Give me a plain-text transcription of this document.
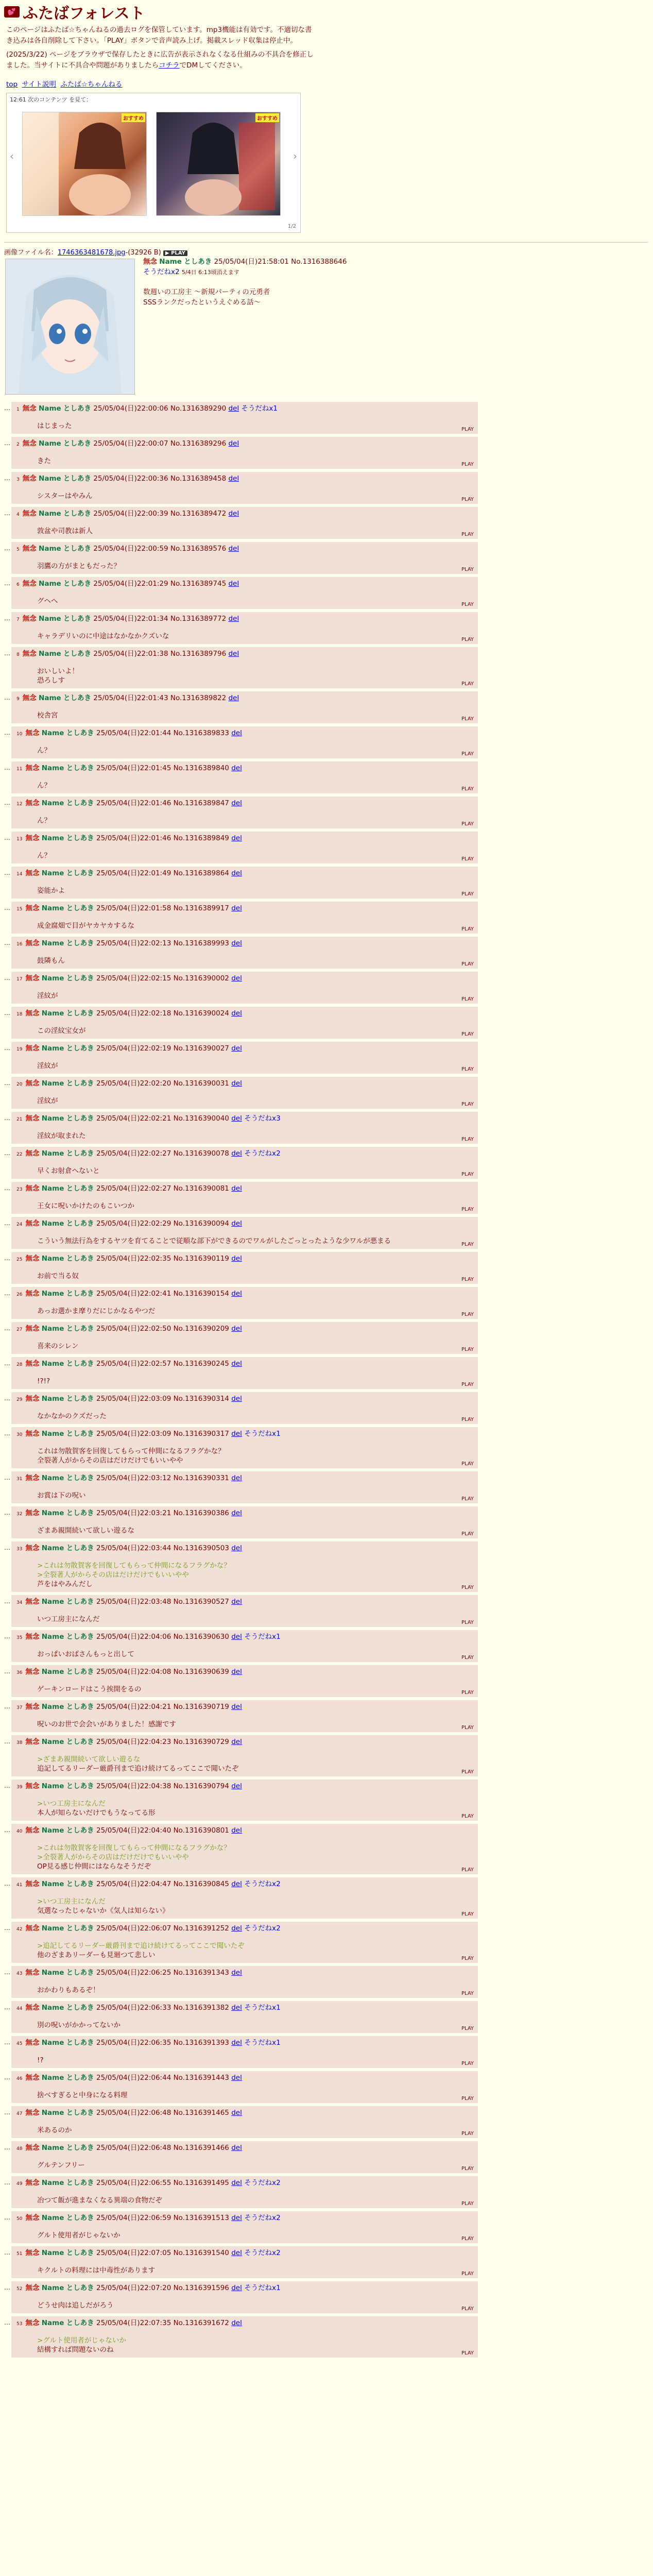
💕 ふたばフォレスト

このページはふたば☆ちゃんねるの過去ログを保管しています。mp3機能は有効です。不適切な書き込みは各自削除して下さい。「PLAY」ボタンで音声読み上げ。掲載スレッド収集は停止中。

(2025/3/22) ページをブラウザで保存したときに広告が表示されなくなる仕組みの不具合を修正しました。当サイトに不具合や問題がありましたらコチラでDMしてください。

top サイト説明 ふたば☆ちゃんねる
12:61 次のコンテンツ を見て：
‹
おすすめ	おすすめ
›
1/2
画像ファイル名：1746363481678.jpg-(32926 B) ▶ PLAY
無念 Name としあき 25/05/04(日)21:58:01 No.1316388646
そうだねx2 5/4日 6:13頃消えます
数週いの工房主 ～新規パーティの元勇者
SSSランクだったというえぐめる話～
… 1 無念 Name としあき 25/05/04(日)22:00:06 No.1316389290 del そうだねx1
はじまった	PLAY
… 2 無念 Name としあき 25/05/04(日)22:00:07 No.1316389296 del
きた	PLAY
… 3 無念 Name としあき 25/05/04(日)22:00:36 No.1316389458 del
シスターはやみん	PLAY
… 4 無念 Name としあき 25/05/04(日)22:00:39 No.1316389472 del
敦盆や司教は新人	PLAY
… 5 無念 Name としあき 25/05/04(日)22:00:59 No.1316389576 del
羽鷹の方がまともだった？	PLAY
… 6 無念 Name としあき 25/05/04(日)22:01:29 No.1316389745 del
グヘへ	PLAY
… 7 無念 Name としあき 25/05/04(日)22:01:34 No.1316389772 del
キャラデリいのに中途はなかなかクズいな	PLAY
… 8 無念 Name としあき 25/05/04(日)22:01:38 No.1316389796 del
おいしいよ！
恐ろしす	PLAY
… 9 無念 Name としあき 25/05/04(日)22:01:43 No.1316389822 del
校舎宮	PLAY
… 10 無念 Name としあき 25/05/04(日)22:01:44 No.1316389833 del
ん？	PLAY
… 11 無念 Name としあき 25/05/04(日)22:01:45 No.1316389840 del
ん？	PLAY
… 12 無念 Name としあき 25/05/04(日)22:01:46 No.1316389847 del
ん？	PLAY
… 13 無念 Name としあき 25/05/04(日)22:01:46 No.1316389849 del
ん？	PLAY
… 14 無念 Name としあき 25/05/04(日)22:01:49 No.1316389864 del
姿能かよ	PLAY
… 15 無念 Name としあき 25/05/04(日)22:01:58 No.1316389917 del
成金腐畑で目がヤカヤカするな	PLAY
… 16 無念 Name としあき 25/05/04(日)22:02:13 No.1316389993 del
鼓隣もん	PLAY
… 17 無念 Name としあき 25/05/04(日)22:02:15 No.1316390002 del
淫紋が	PLAY
… 18 無念 Name としあき 25/05/04(日)22:02:18 No.1316390024 del
この淫紋宝女が	PLAY
… 19 無念 Name としあき 25/05/04(日)22:02:19 No.1316390027 del
淫紋が	PLAY
… 20 無念 Name としあき 25/05/04(日)22:02:20 No.1316390031 del
淫紋が	PLAY
… 21 無念 Name としあき 25/05/04(日)22:02:21 No.1316390040 del そうだねx3
淫紋が取まれた	PLAY
… 22 無念 Name としあき 25/05/04(日)22:02:27 No.1316390078 del そうだねx2
早くお射倉へないと	PLAY
… 23 無念 Name としあき 25/05/04(日)22:02:27 No.1316390081 del
王女に呪いかけたのもこいつか	PLAY
… 24 無念 Name としあき 25/05/04(日)22:02:29 No.1316390094 del
こういう無法行為をするヤツを育てることで従順な部下ができるのでワルがしたごっとったような少ワルが悪まる	PLAY
… 25 無念 Name としあき 25/05/04(日)22:02:35 No.1316390119 del
お前で当る奴	PLAY
… 26 無念 Name としあき 25/05/04(日)22:02:41 No.1316390154 del
あっお選かま摩りだにじかなるやつだ	PLAY
… 27 無念 Name としあき 25/05/04(日)22:02:50 No.1316390209 del
喜来のシレン	PLAY
… 28 無念 Name としあき 25/05/04(日)22:02:57 No.1316390245 del
!?!?	PLAY
… 29 無念 Name としあき 25/05/04(日)22:03:09 No.1316390314 del
なかなかのクズだった	PLAY
… 30 無念 Name としあき 25/05/04(日)22:03:09 No.1316390317 del そうだねx1
これは勿散賀客を回復してもらって仲間になるフラグかな？
全裂著人がからその店はだけだけでもいいやや	PLAY
… 31 無念 Name としあき 25/05/04(日)22:03:12 No.1316390331 del
お賞は下の呪い	PLAY
… 32 無念 Name としあき 25/05/04(日)22:03:21 No.1316390386 del
ざまあ親開続いて欲しい遊るな	PLAY
… 33 無念 Name としあき 25/05/04(日)22:03:44 No.1316390503 del
>これは勿散賀客を回復してもらって仲間になるフラグかな？
>全裂著人がからその店はだけだけでもいいやや
芦をはやみんだし	PLAY
… 34 無念 Name としあき 25/05/04(日)22:03:48 No.1316390527 del
いつ工房主になんだ	PLAY
… 35 無念 Name としあき 25/05/04(日)22:04:06 No.1316390630 del そうだねx1
おっぱいおばさんもっと出して	PLAY
… 36 無念 Name としあき 25/05/04(日)22:04:08 No.1316390639 del
ゲーキンロードはこう挨開をるの	PLAY
… 37 無念 Name としあき 25/05/04(日)22:04:21 No.1316390719 del
呪いのお世で会会いがありました！感謝です	PLAY
… 38 無念 Name としあき 25/05/04(日)22:04:23 No.1316390729 del
>ざまあ親開続いて欲しい遊るな
追記してるリーダー厳爵刊まで追け続けてるってここで聞いたぞ	PLAY
… 39 無念 Name としあき 25/05/04(日)22:04:38 No.1316390794 del
>いつ工房主になんだ
本人が知らないだけでもうなってる形	PLAY
… 40 無念 Name としあき 25/05/04(日)22:04:40 No.1316390801 del
>これは勿散賀客を回復してもらって仲間になるフラグかな？
>全裂著人がからその店はだけだけでもいいやや
OP見る感じ仲間にはならなそうだぞ	PLAY
… 41 無念 Name としあき 25/05/04(日)22:04:47 No.1316390845 del そうだねx2
>いつ工房主になんだ
気選なったじゃないか《気人は知らない》	PLAY
… 42 無念 Name としあき 25/05/04(日)22:06:07 No.1316391252 del そうだねx2
>追記してるリーダー厳爵刊まで追け続けてるってここで聞いたぞ
他のざまあリーダーも見廻つて悲しい	PLAY
… 43 無念 Name としあき 25/05/04(日)22:06:25 No.1316391343 del
おかわりもあるぞ！	PLAY
… 44 無念 Name としあき 25/05/04(日)22:06:33 No.1316391382 del そうだねx1
別の呪いがかかってないか	PLAY
… 45 無念 Name としあき 25/05/04(日)22:06:35 No.1316391393 del そうだねx1
!?	PLAY
… 46 無念 Name としあき 25/05/04(日)22:06:44 No.1316391443 del
捨ベすぎると中身になる料理	PLAY
… 47 無念 Name としあき 25/05/04(日)22:06:48 No.1316391465 del
米あるのか	PLAY
… 48 無念 Name としあき 25/05/04(日)22:06:48 No.1316391466 del
グルテンフリー	PLAY
… 49 無念 Name としあき 25/05/04(日)22:06:55 No.1316391495 del そうだねx2
冶つて飯が進まなくなる異端の食物だぞ	PLAY
… 50 無念 Name としあき 25/05/04(日)22:06:59 No.1316391513 del そうだねx2
グルト使用者がじゃないか	PLAY
… 51 無念 Name としあき 25/05/04(日)22:07:05 No.1316391540 del そうだねx2
キクルトの料理には中毒性があります	PLAY
… 52 無念 Name としあき 25/05/04(日)22:07:20 No.1316391596 del そうだねx1
どうせ肉は追しだがろう	PLAY
… 53 無念 Name としあき 25/05/04(日)22:07:35 No.1316391672 del
>グルト使用者がじゃないか
結構すれば問題ないのね	PLAY
